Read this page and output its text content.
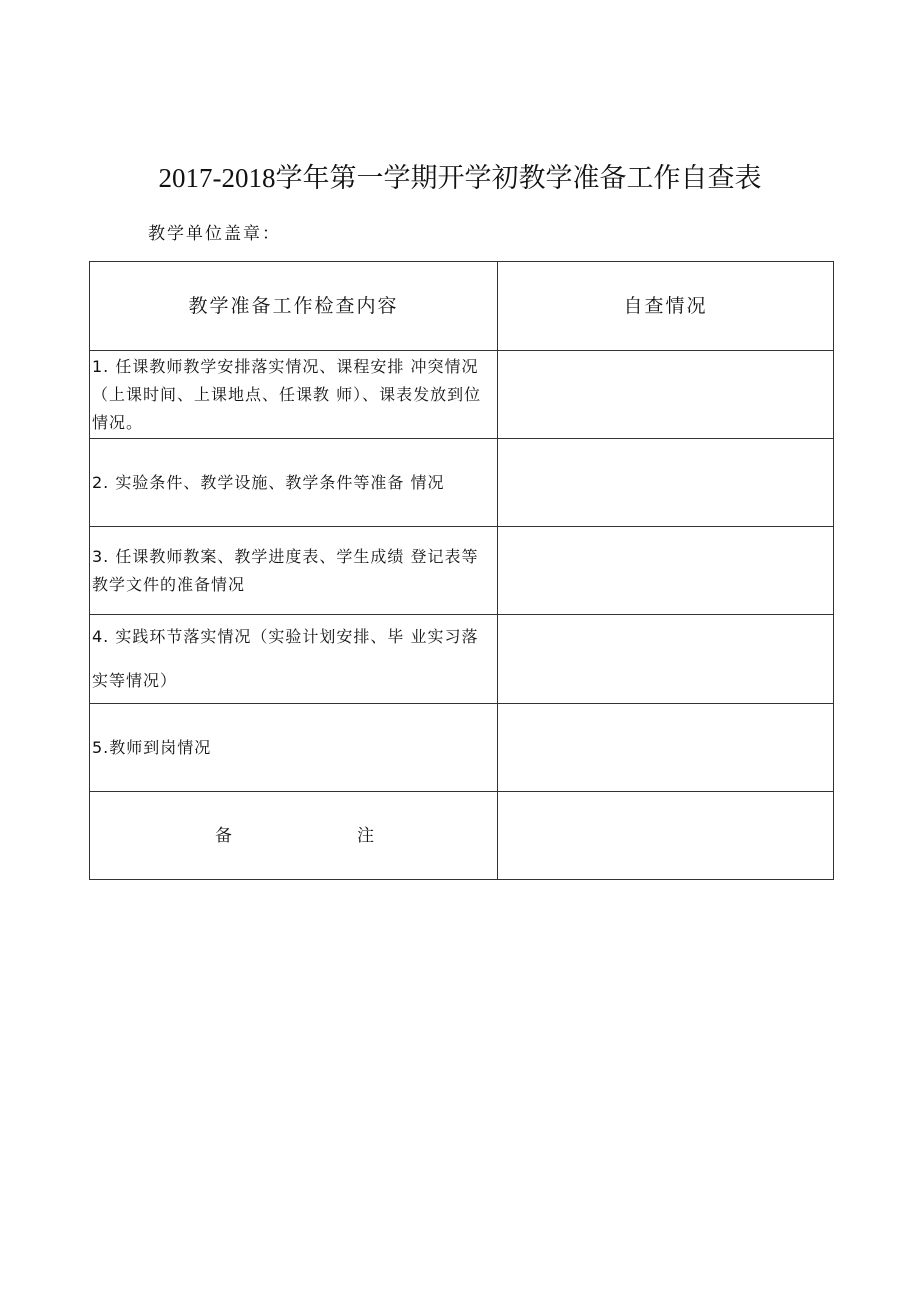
2017-2018学年第一学期开学初教学准备工作自查表
教学单位盖章：
教学准备工作检查内容	自查情况
1. 任课教师教学安排落实情况、课程安排 冲突情况（上课时间、上课地点、任课教 师）、课表发放到位情况。	
2. 实验条件、教学设施、教学条件等准备 情况	
3. 任课教师教案、教学进度表、学生成绩 登记表等教学文件的准备情况	
4. 实践环节落实情况（实验计划安排、毕 业实习落实等情况）	
5.教师到岗情况	

备 注	
